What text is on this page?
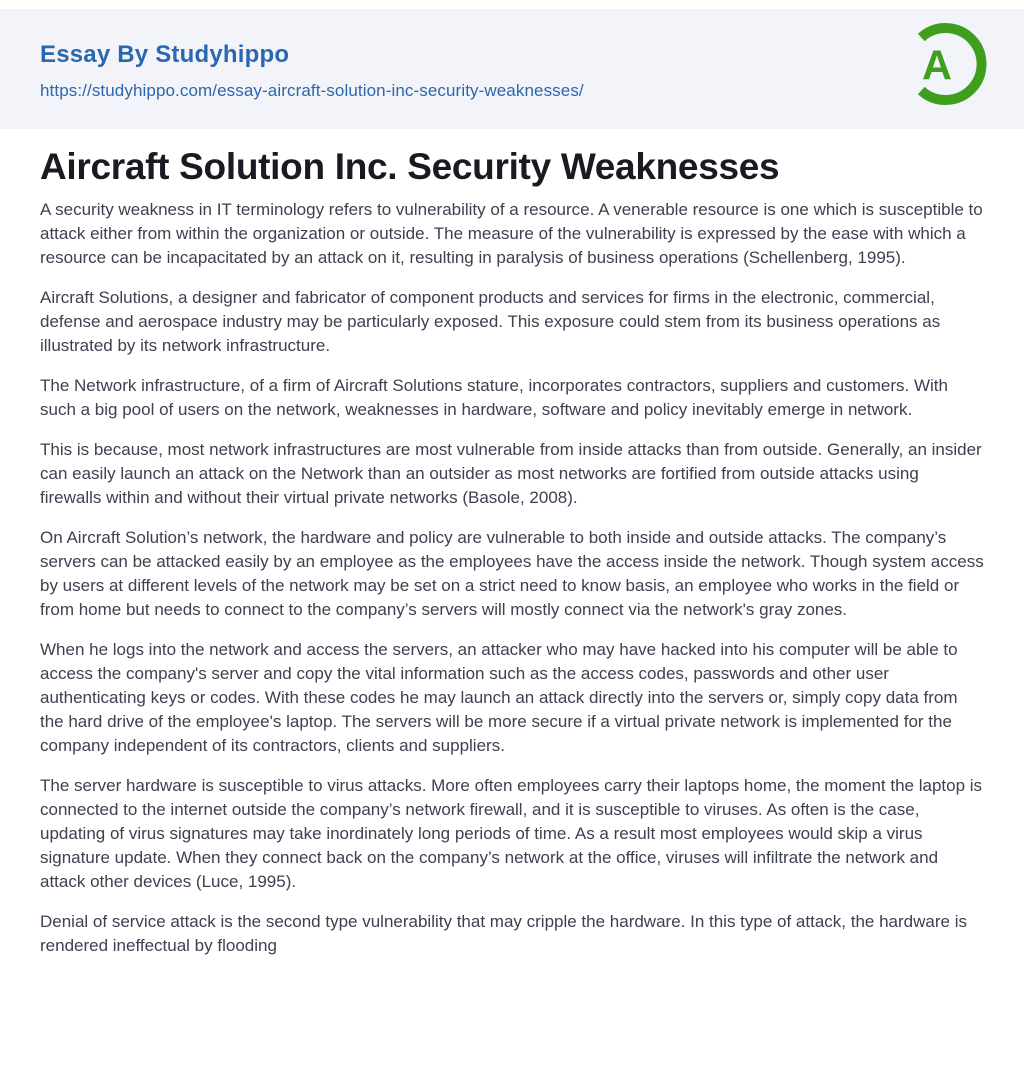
Essay By Studyhippo
https://studyhippo.com/essay-aircraft-solution-inc-security-weaknesses/
A
Aircraft Solution Inc. Security Weaknesses

A security weakness in IT terminology refers to vulnerability of a resource. A venerable resource is one which is susceptible to attack either from within the organization or outside. The measure of the vulnerability is expressed by the ease with which a resource can be incapacitated by an attack on it, resulting in paralysis of business operations (Schellenberg, 1995).

Aircraft Solutions, a designer and fabricator of component products and services for firms in the electronic, commercial, defense and aerospace industry may be particularly exposed. This exposure could stem from its business operations as illustrated by its network infrastructure.

The Network infrastructure, of a firm of Aircraft Solutions stature, incorporates contractors, suppliers and customers. With such a big pool of users on the network, weaknesses in hardware, software and policy inevitably emerge in network.

This is because, most network infrastructures are most vulnerable from inside attacks than from outside. Generally, an insider can easily launch an attack on the Network than an outsider as most networks are fortified from outside attacks using firewalls within and without their virtual private networks (Basole, 2008).

On Aircraft Solution’s network, the hardware and policy are vulnerable to both inside and outside attacks. The company’s servers can be attacked easily by an employee as the employees have the access inside the network. Though system access by users at different levels of the network may be set on a strict need to know basis, an employee who works in the field or from home but needs to connect to the company’s servers will mostly connect via the network's gray zones.

When he logs into the network and access the servers, an attacker who may have hacked into his computer will be able to access the company's server and copy the vital information such as the access codes, passwords and other user authenticating keys or codes. With these codes he may launch an attack directly into the servers or, simply copy data from the hard drive of the employee's laptop. The servers will be more secure if a virtual private network is implemented for the company independent of its contractors, clients and suppliers.

The server hardware is susceptible to virus attacks. More often employees carry their laptops home, the moment the laptop is connected to the internet outside the company’s network firewall, and it is susceptible to viruses. As often is the case, updating of virus signatures may take inordinately long periods of time. As a result most employees would skip a virus signature update. When they connect back on the company’s network at the office, viruses will infiltrate the network and attack other devices (Luce, 1995).

Denial of service attack is the second type vulnerability that may cripple the hardware. In this type of attack, the hardware is rendered ineffectual by flooding
